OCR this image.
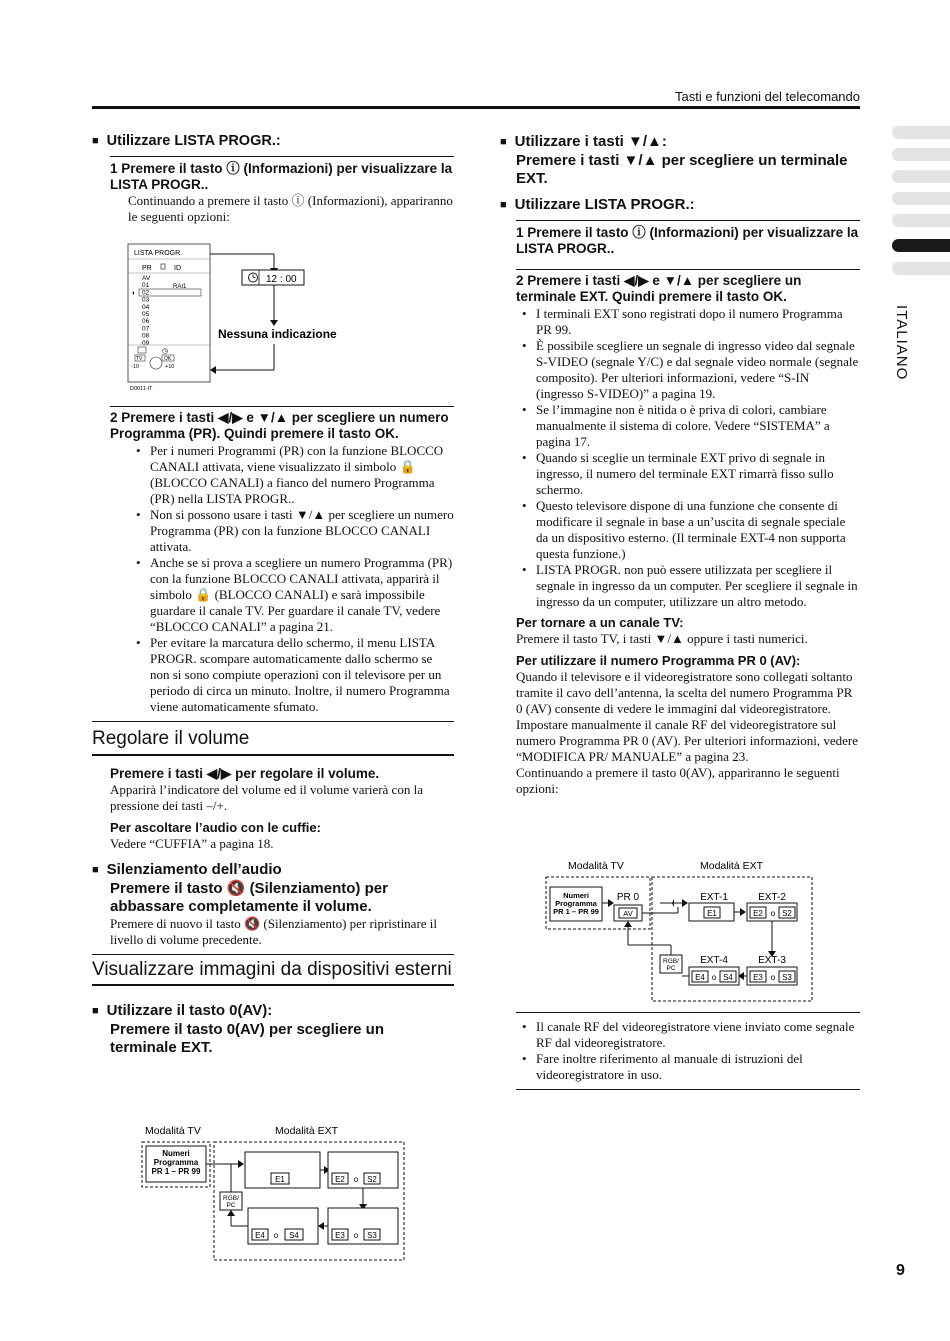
Tasti e funzioni del telecomando
ITALIANO
■ Utilizzare LISTA PROGR.:
1 Premere il tasto ⓘ (Informazioni) per visualizzare la LISTA PROGR..
Continuando a premere il tasto ⓘ (Informazioni), appariranno le seguenti opzioni:
LISTA PROGR.
PR	ID
AV
01
02
03
04
05
06
07
08
09
RAI1
◐
◷
TV	OK
-10	+10
D0011-IT
12 : 00
Nessuna indicazione
2 Premere i tasti ◀/▶ e ▼/▲ per scegliere un numero Programma (PR). Quindi premere il tasto OK.
• Per i numeri Programmi (PR) con la funzione BLOCCO CANALI attivata, viene visualizzato il simbolo 🔒 (BLOCCO CANALI) a fianco del numero Programma (PR) nella LISTA PROGR..
• Non si possono usare i tasti ▼/▲ per scegliere un numero Programma (PR) con la funzione BLOCCO CANALI attivata.
• Anche se si prova a scegliere un numero Programma (PR) con la funzione BLOCCO CANALI attivata, apparirà il simbolo 🔒 (BLOCCO CANALI) e sarà impossibile guardare il canale TV. Per guardare il canale TV, vedere “BLOCCO CANALI” a pagina 21.
• Per evitare la marcatura dello schermo, il menu LISTA PROGR. scompare automaticamente dallo schermo se non si sono compiute operazioni con il televisore per un periodo di circa un minuto. Inoltre, il numero Programma viene automaticamente sfumato.
Regolare il volume
Premere i tasti ◀/▶ per regolare il volume.
Apparirà l’indicatore del volume ed il volume varierà con la pressione dei tasti –/+.
Per ascoltare l’audio con le cuffie:
Vedere “CUFFIA” a pagina 18.
■ Silenziamento dell’audio
Premere il tasto 🔇 (Silenziamento) per abbassare completamente il volume.
Premere di nuovo il tasto 🔇 (Silenziamento) per ripristinare il livello di volume precedente.
Visualizzare immagini da dispositivi esterni
■ Utilizzare il tasto 0(AV):
Premere il tasto 0(AV) per scegliere un terminale EXT.
Modalità TV	Modalità EXT
Numeri
Programma
PR 1 – PR 99
E1	E2 o S2
E3 o S3
E4 o S4
RGB/
PC
■ Utilizzare i tasti ▼/▲:
Premere i tasti ▼/▲ per scegliere un terminale EXT.
■ Utilizzare LISTA PROGR.:
1 Premere il tasto ⓘ (Informazioni) per visualizzare la LISTA PROGR..
2 Premere i tasti ◀/▶ e ▼/▲ per scegliere un terminale EXT. Quindi premere il tasto OK.
• I terminali EXT sono registrati dopo il numero Programma PR 99.
• È possibile scegliere un segnale di ingresso video dal segnale S-VIDEO (segnale Y/C) e dal segnale video normale (segnale composito). Per ulteriori informazioni, vedere “S-IN (ingresso S-VIDEO)” a pagina 19.
• Se l’immagine non è nitida o è priva di colori, cambiare manualmente il sistema di colore. Vedere “SISTEMA” a pagina 17.
• Quando si sceglie un terminale EXT privo di segnale in ingresso, il numero del terminale EXT rimarrà fisso sullo schermo.
• Questo televisore dispone di una funzione che consente di modificare il segnale in base a un’uscita di segnale speciale da un dispositivo esterno. (Il terminale EXT-4 non supporta questa funzione.)
• LISTA PROGR. non può essere utilizzata per scegliere il segnale in ingresso da un computer. Per scegliere il segnale in ingresso da un computer, utilizzare un altro metodo.
Per tornare a un canale TV:
Premere il tasto TV, i tasti ▼/▲ oppure i tasti numerici.
Per utilizzare il numero Programma PR 0 (AV):
Quando il televisore e il videoregistratore sono collegati soltanto tramite il cavo dell’antenna, la scelta del numero Programma PR 0 (AV) consente di vedere le immagini dal videoregistratore. Impostare manualmente il canale RF del videoregistratore sul numero Programma PR 0 (AV). Per ulteriori informazioni, vedere “MODIFICA PR/ MANUALE” a pagina 23.
Continuando a premere il tasto 0(AV), appariranno le seguenti opzioni:
Modalità TV	Modalità EXT
Numeri
Programma
PR 1 – PR 99
PR 0
AV
EXT-1
E1
EXT-2
E2 o S2
EXT-3
E3 o S3
EXT-4
E4 o S4
RGB/
PC
• Il canale RF del videoregistratore viene inviato come segnale RF dal videoregistratore.
• Fare inoltre riferimento al manuale di istruzioni del videoregistratore in uso.
9
